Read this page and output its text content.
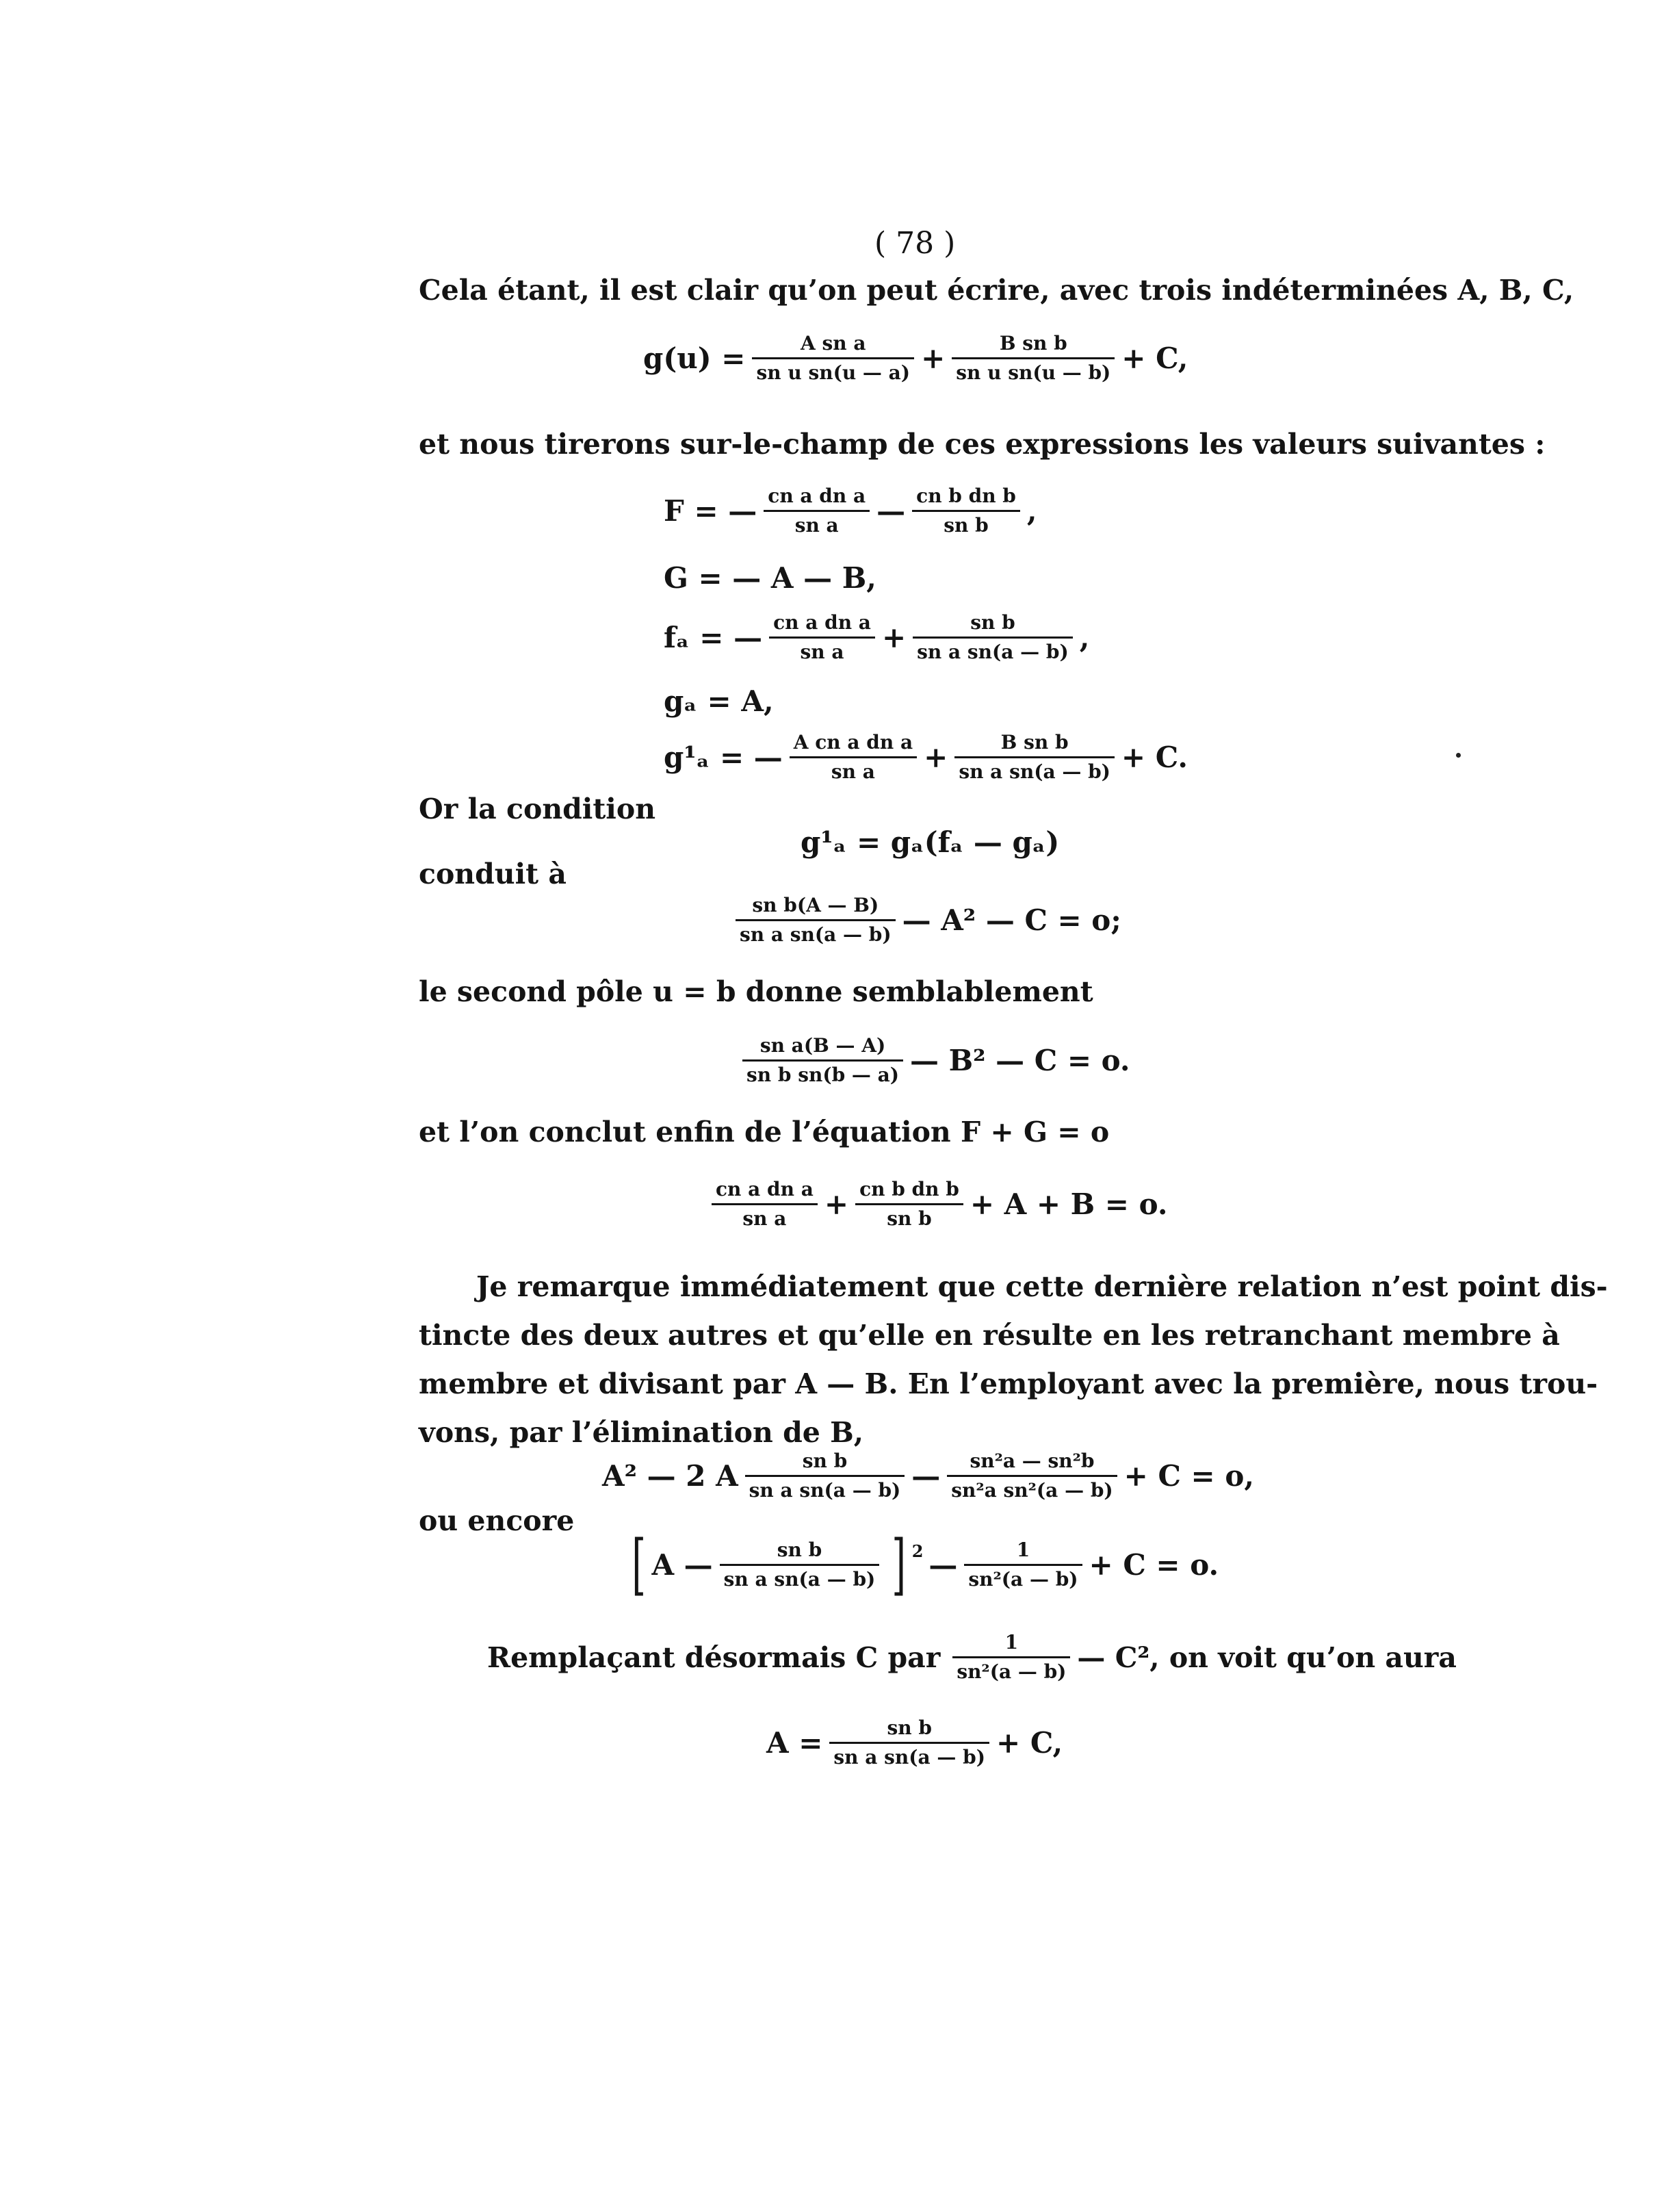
( 78 )
Cela étant, il est clair qu’on peut écrire, avec trois indéterminées A, B, C,
$g(u) = \frac{\text{A sn a}}{\text{sn u sn(u — a)}} + \frac{\text{B sn b}}{\text{sn u sn(u — b)}} + C$,
et nous tirerons sur-le-champ de ces expressions les valeurs suivantes :
F = — $\frac{\text{cn a dn a}}{\text{sn a}}$ — $\frac{\text{cn b dn b}}{\text{sn b}}$ ,
G = — A — B,
fₐ = — $\frac{\text{cn a dn a}}{\text{sn a}} + \frac{\text{sn b}}{\text{sn a sn(a — b)}}$ ,
gₐ = A,
g¹ₐ = — $\frac{\text{A cn a dn a}}{\text{sn a}} + \frac{\text{B sn b}}{\text{sn a sn(a — b)}} + C$.
Or la condition
g¹ₐ = gₐ(fₐ — gₐ)
conduit à
$\frac{\text{sn b(A — B)}}{\text{sn a sn(a — b)}}$ — A² — C = o;
le second pôle u = b donne semblablement
$\frac{\text{sn a(B — A)}}{\text{sn b sn(b — a)}}$ — B² — C = o.
et l’on conclut enfin de l’équation F + G = o
$\frac{\text{cn a dn a}}{\text{sn a}} + \frac{\text{cn b dn b}}{\text{sn b}} + A + B = o$.
Je remarque immédiatement que cette dernière relation n’est point dis-
tincte des deux autres et qu’elle en résulte en les retranchant membre à
membre et divisant par A — B. En l’employant avec la première, nous trou-
vons, par l’élimination de B,
A² — 2 A $\frac{\text{sn b}}{\text{sn a sn(a — b)}}$ — $\frac{\text{sn²a — sn²b}}{\text{sn²a sn²(a — b)}} + C = o$,
ou encore
[ A — $\frac{\text{sn b}}{\text{sn a sn(a — b)}}$ ] $^2$ — $\frac{1}{\text{sn²(a — b)}} + C = o$.
Remplaçant désormais C par $\frac{1}{\text{sn²(a — b)}}$ — C², on voit qu’on aura
$A = \frac{\text{sn b}}{\text{sn a sn(a — b)}} + C$,
